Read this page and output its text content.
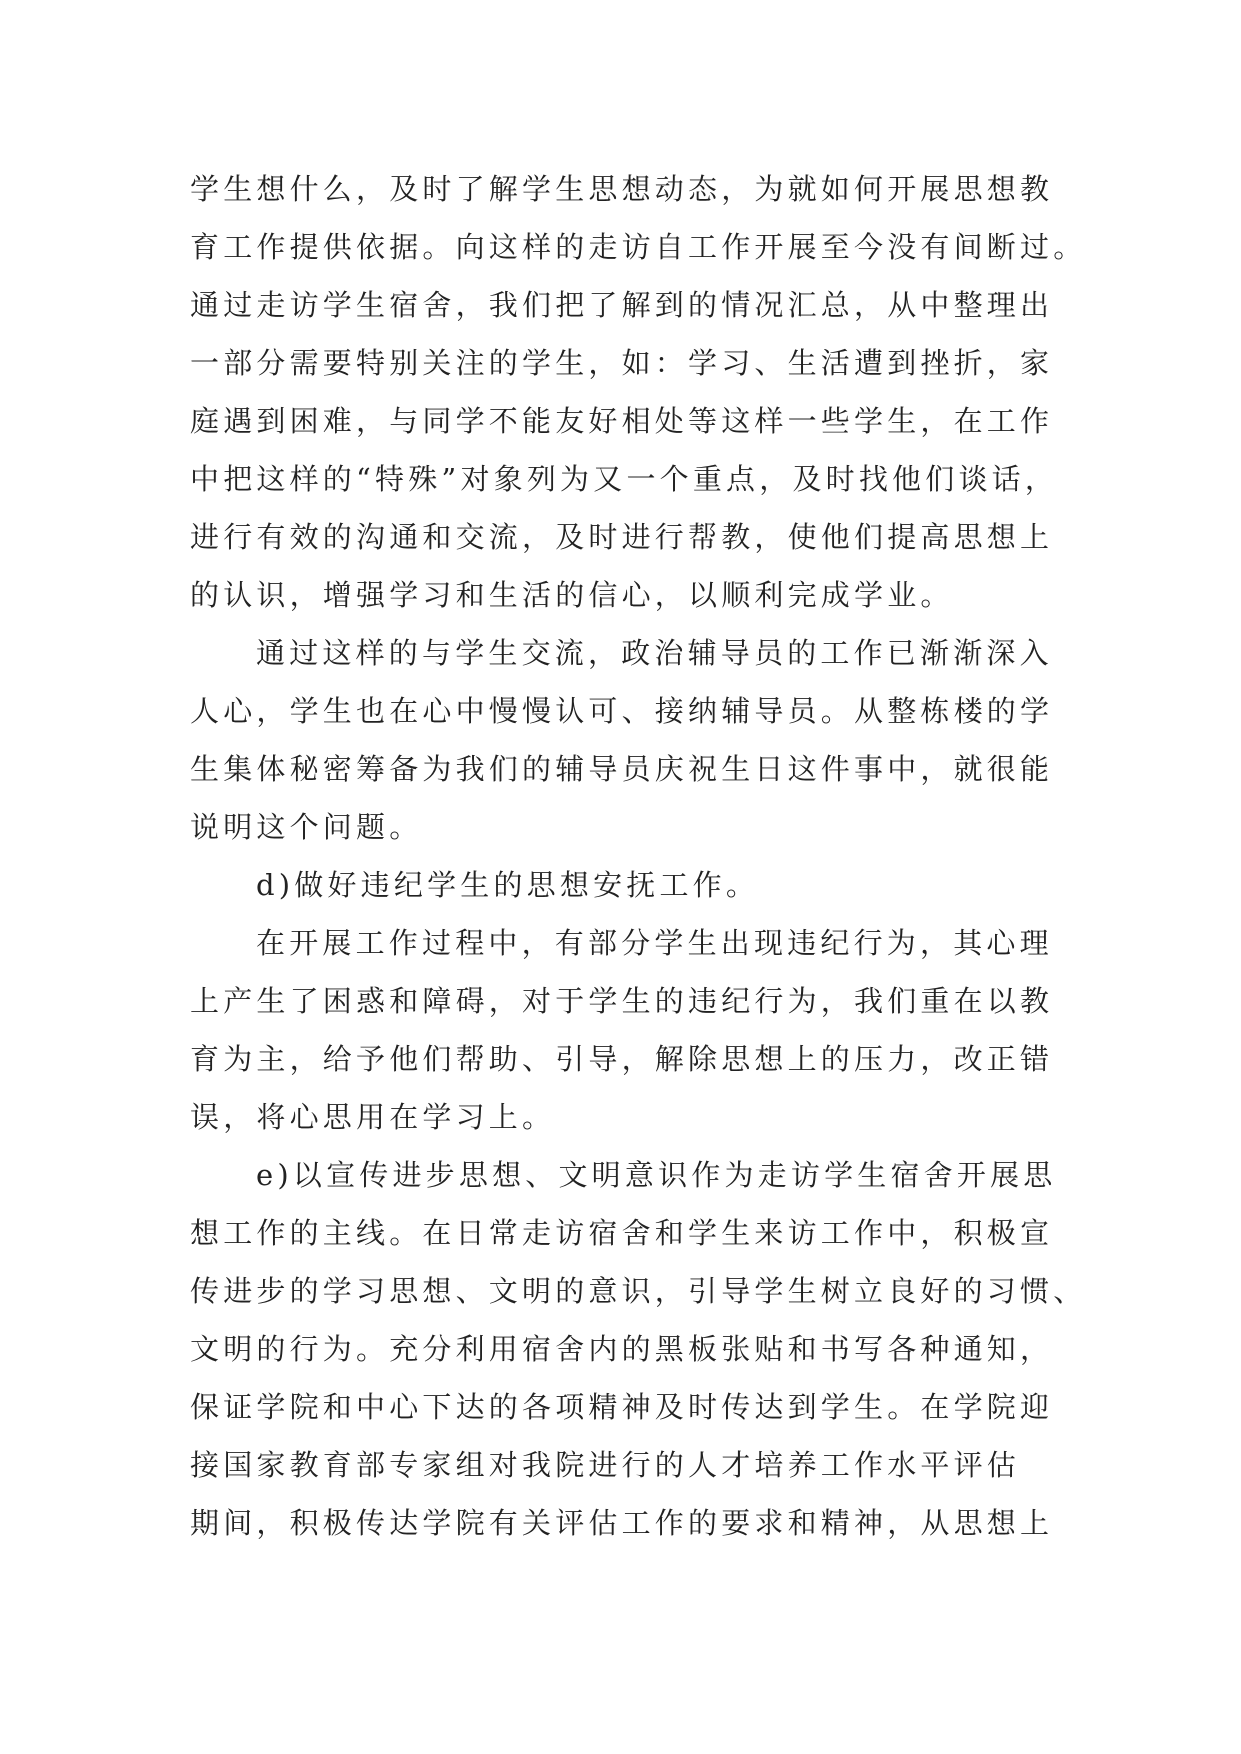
学生想什么，及时了解学生思想动态，为就如何开展思想教
育工作提供依据。向这样的走访自工作开展至今没有间断过。
通过走访学生宿舍，我们把了解到的情况汇总，从中整理出
一部分需要特别关注的学生，如：学习、生活遭到挫折，家
庭遇到困难，与同学不能友好相处等这样一些学生，在工作
中把这样的“特殊”对象列为又一个重点，及时找他们谈话，
进行有效的沟通和交流，及时进行帮教，使他们提高思想上
的认识，增强学习和生活的信心，以顺利完成学业。
通过这样的与学生交流，政治辅导员的工作已渐渐深入
人心，学生也在心中慢慢认可、接纳辅导员。从整栋楼的学
生集体秘密筹备为我们的辅导员庆祝生日这件事中，就很能
说明这个问题。
d)做好违纪学生的思想安抚工作。
在开展工作过程中，有部分学生出现违纪行为，其心理
上产生了困惑和障碍，对于学生的违纪行为，我们重在以教
育为主，给予他们帮助、引导，解除思想上的压力，改正错
误，将心思用在学习上。
e)以宣传进步思想、文明意识作为走访学生宿舍开展思
想工作的主线。在日常走访宿舍和学生来访工作中，积极宣
传进步的学习思想、文明的意识，引导学生树立良好的习惯、
文明的行为。充分利用宿舍内的黑板张贴和书写各种通知，
保证学院和中心下达的各项精神及时传达到学生。在学院迎
接国家教育部专家组对我院进行的人才培养工作水平评估
期间，积极传达学院有关评估工作的要求和精神，从思想上
